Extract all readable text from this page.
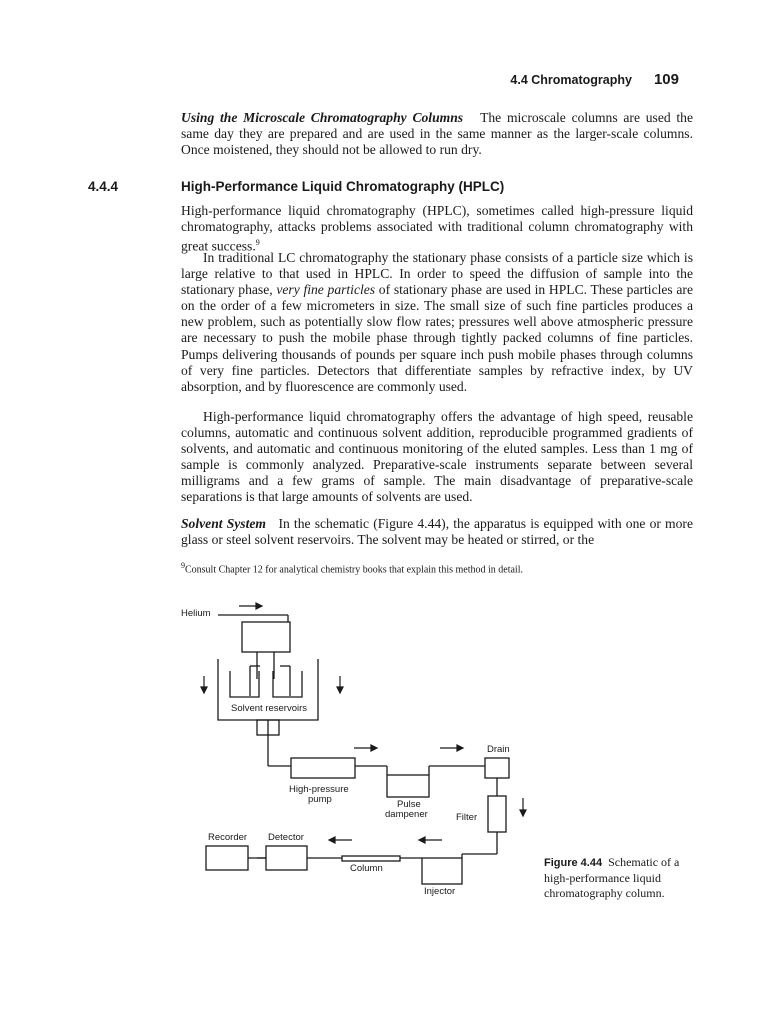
4.4 Chromatography 109

Using the Microscale Chromatography Columns The microscale columns are used the same day they are prepared and are used in the same manner as the larger-scale columns. Once moistened, they should not be allowed to run dry.

4.4.4	High-Performance Liquid Chromatography (HPLC)

High-performance liquid chromatography (HPLC), sometimes called high-pressure liquid chromatography, attacks problems associated with traditional column chromatography with great success.$^9$

In traditional LC chromatography the stationary phase consists of a particle size which is large relative to that used in HPLC. In order to speed the diffusion of sample into the stationary phase, very fine particles of stationary phase are used in HPLC. These particles are on the order of a few micrometers in size. The small size of such fine particles produces a new problem, such as potentially slow flow rates; pressures well above atmospheric pressure are necessary to push the mobile phase through tightly packed columns of fine particles. Pumps delivering thousands of pounds per square inch push mobile phases through columns of very fine particles. Detectors that differentiate samples by refractive index, by UV absorption, and by fluorescence are commonly used.

High-performance liquid chromatography offers the advantage of high speed, reusable columns, automatic and continuous solvent addition, reproducible programmed gradients of solvents, and automatic and continuous monitoring of the eluted samples. Less than 1 mg of sample is commonly analyzed. Preparative-scale instruments separate between several milligrams and a few grams of sample. The main disadvantage of preparative-scale separations is that large amounts of solvents are used.

Solvent System In the schematic (Figure 4.44), the apparatus is equipped with one or more glass or steel solvent reservoirs. The solvent may be heated or stirred, or the

$^9$Consult Chapter 12 for analytical chemistry books that explain this method in detail.
Helium
Solvent reservoirs
Drain
High-pressure
pump	Pulse
dampener	Filter
Recorder Detector
Column
Injector
Figure 4.44 Schematic of a high-performance liquid chromatography column.
